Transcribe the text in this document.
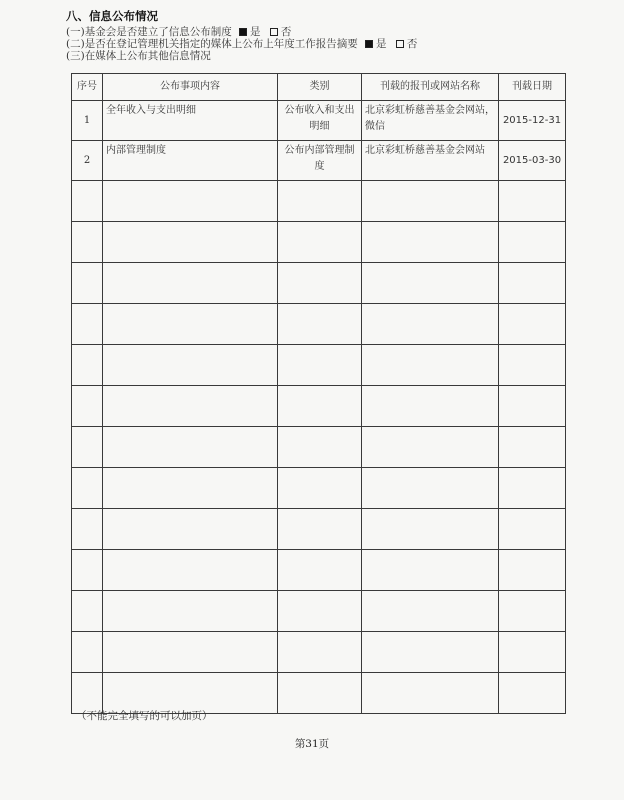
八、信息公布情况
(一)基金会是否建立了信息公布制度 是 否
(二)是否在登记管理机关指定的媒体上公布上年度工作报告摘要 是 否
(三)在媒体上公布其他信息情况
序号	公布事项内容	类别	刊载的报刊或网站名称	刊载日期
1	全年收入与支出明细	公布收入和支出明细	北京彩虹桥慈善基金会网站，微信	2015-12-31
2	内部管理制度	公布内部管理制度	北京彩虹桥慈善基金会网站	2015-03-30

（不能完全填写的可以加页）
第31页
